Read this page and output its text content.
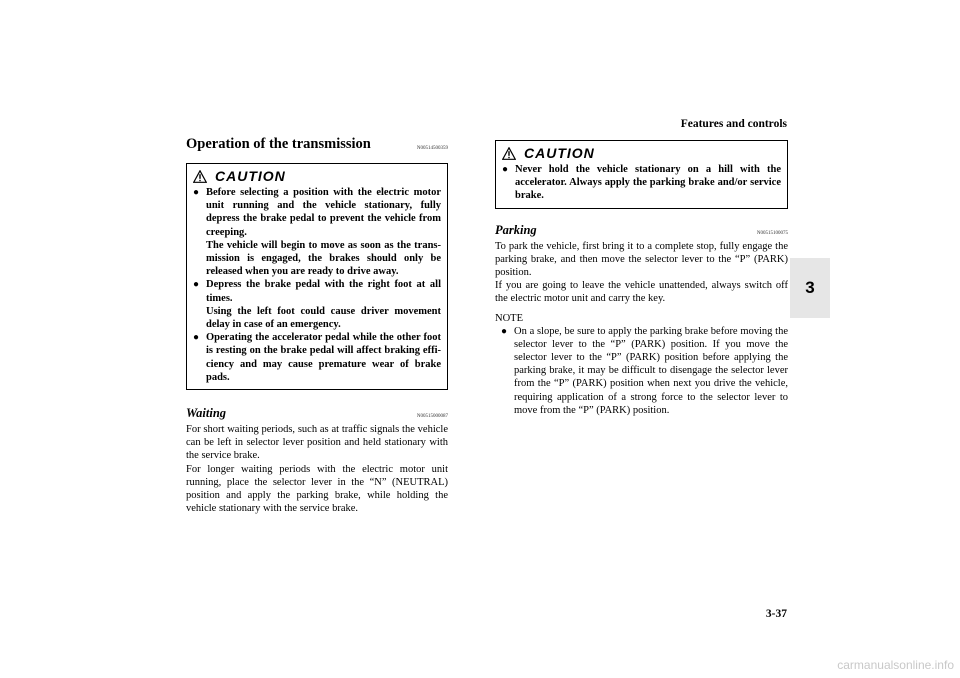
Features and controls
3
3-37
carmanualsonline.info
Operation of the transmission	N00514500359
CAUTION
● Before selecting a position with the electric motor unit running and the vehicle stationary, fully depress the brake pedal to prevent the vehicle from creeping.

The vehicle will begin to move as soon as the trans-mission is engaged, the brakes should only be released when you are ready to drive away.

● Depress the brake pedal with the right foot at all times.

Using the left foot could cause driver movement delay in case of an emergency.

● Operating the accelerator pedal while the other foot is resting on the brake pedal will affect braking effi-ciency and may cause premature wear of brake pads.

Waiting	N00515000087

For short waiting periods, such as at traffic signals the vehicle can be left in selector lever position and held stationary with the service brake.

For longer waiting periods with the electric motor unit running, place the selector lever in the “N” (NEUTRAL) position and apply the parking brake, while holding the vehicle stationary with the service brake.

CAUTION
● Never hold the vehicle stationary on a hill with the accelerator. Always apply the parking brake and/or service brake.

Parking	N00515100075

To park the vehicle, first bring it to a complete stop, fully engage the parking brake, and then move the selector lever to the “P” (PARK) position.

If you are going to leave the vehicle unattended, always switch off the electric motor unit and carry the key.

NOTE
● On a slope, be sure to apply the parking brake before moving the selector lever to the “P” (PARK) position. If you move the selector lever to the “P” (PARK) position before applying the parking brake, it may be difficult to disengage the selector lever from the “P” (PARK) position when next you drive the vehicle, requiring application of a strong force to the selector lever to move from the “P” (PARK) position.
